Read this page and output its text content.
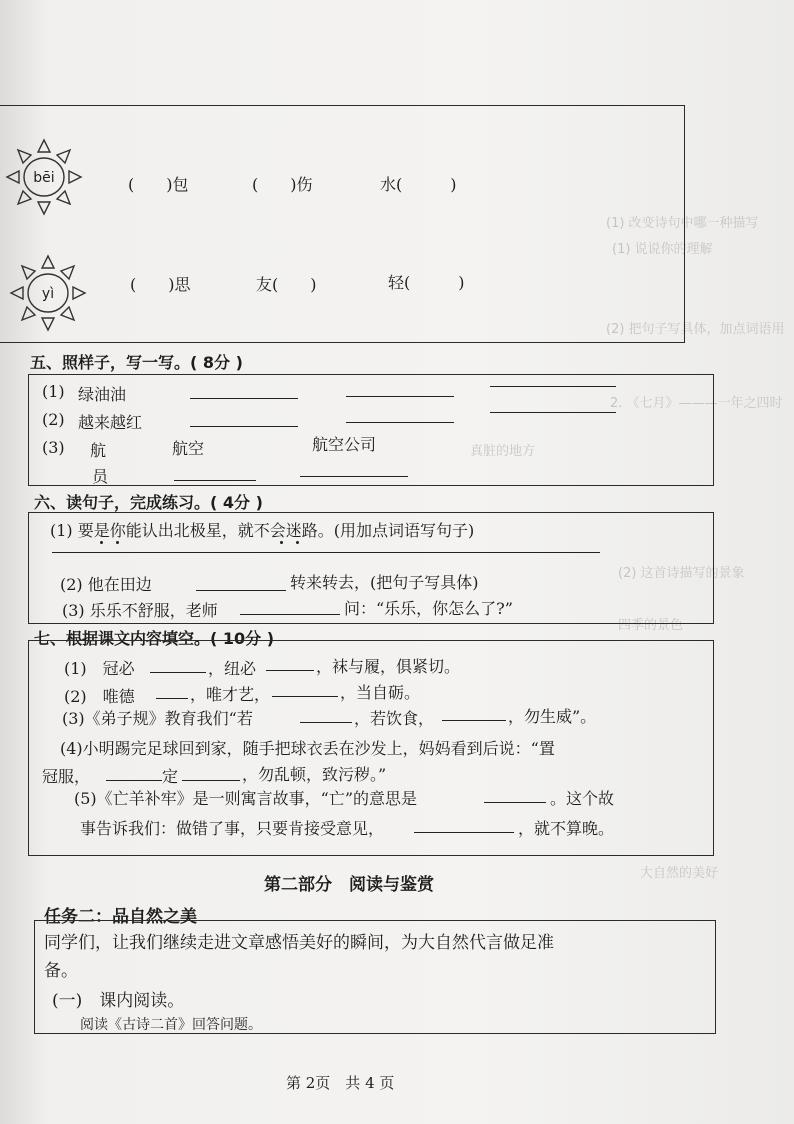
(1) 改变诗句中哪一种描写
(2) 把句子写具体，加点词语用
2. 《七月》———一年之四时
真脏的地方
(1) 说说你的理解
(2) 这首诗描写的景象
四季的景色
大自然的美好
bēi	(　　)包	(　　)伤	水(　　　)
yì	(　　)思	友(　　)	轻(　　　)
五、照样子，写一写。( 8分 )
(1) 绿油油
(2) 越来越红
(3) 航	航空	航空公司
员
六、读句子，完成练习。( 4分 )
(1) 要是你能认出北极星，就不会迷路。(用加点词语写句子)
(2) 他在田边	转来转去，(把句子写具体)
(3) 乐乐不舒服，老师	问：“乐乐，你怎么了?”
七、根据课文内容填空。( 10分 )
(1)　冠必	，纽必	，袜与履，俱紧切。
(2)　唯德	，唯才艺，	，当自砺。
(3)《弟子规》教育我们“若	，若饮食，	，勿生威”。
(4)小明踢完足球回到家，随手把球衣丢在沙发上，妈妈看到后说：“置
冠服，	定	，勿乱顿，致污秽。”
(5)《亡羊补牢》是一则寓言故事，“亡”的意思是	。这个故
事告诉我们：做错了事，只要肯接受意见，	，就不算晚。
第二部分　阅读与鉴赏
任务二：品自然之美
同学们，让我们继续走进文章感悟美好的瞬间，为大自然代言做足准
备。
(一)　课内阅读。
阅读《古诗二首》回答问题。
第 2页　共 4 页
